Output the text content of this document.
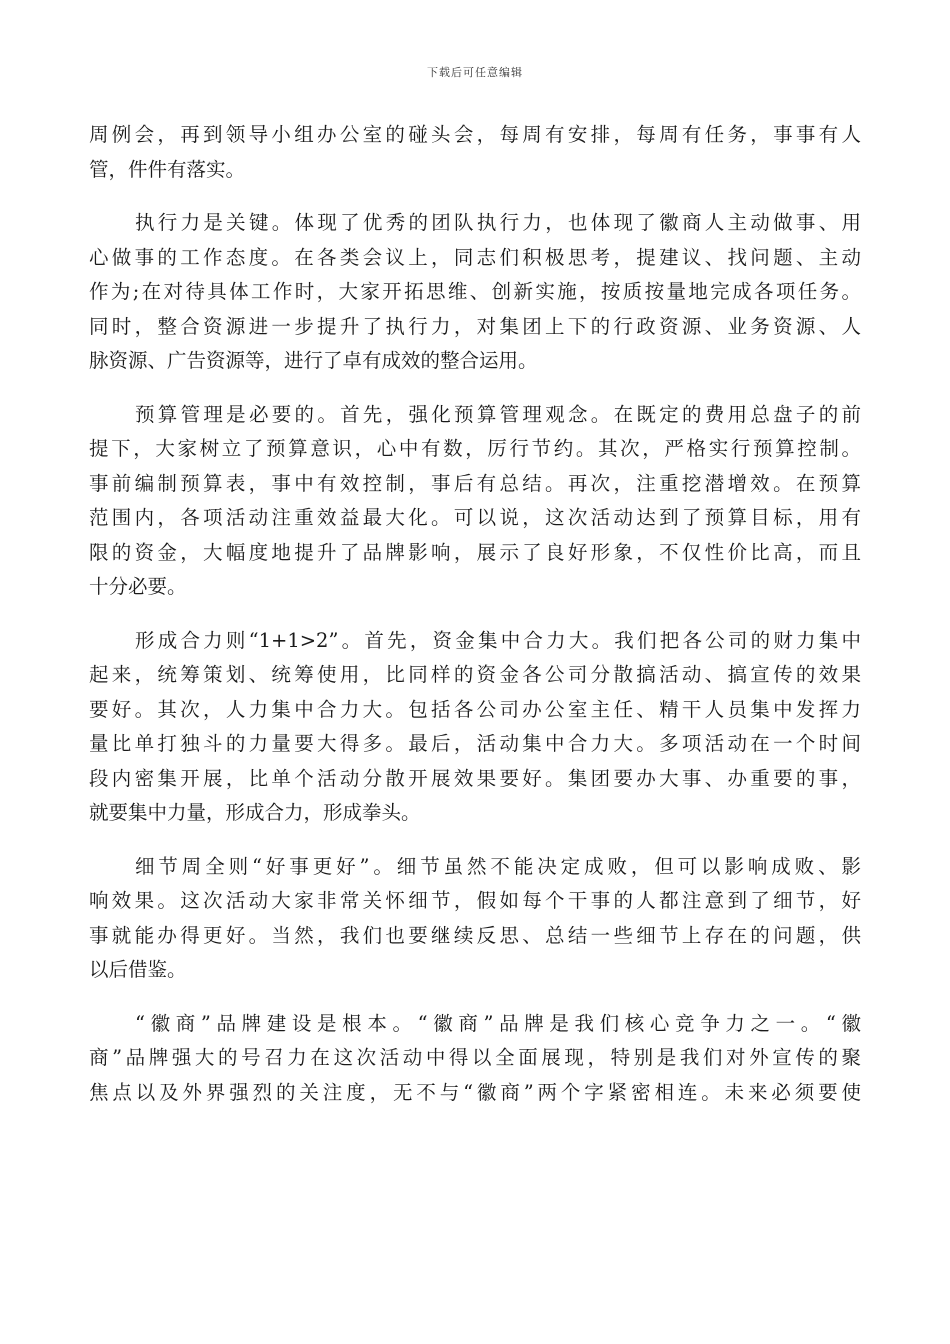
下载后可任意编辑
周例会，再到领导小组办公室的碰头会，每周有安排，每周有任务，事事有人
管，件件有落实。
执行力是关键。体现了优秀的团队执行力，也体现了徽商人主动做事、用
心做事的工作态度。在各类会议上，同志们积极思考，提建议、找问题、主动
作为;在对待具体工作时，大家开拓思维、创新实施，按质按量地完成各项任务。
同时，整合资源进一步提升了执行力，对集团上下的行政资源、业务资源、人
脉资源、广告资源等，进行了卓有成效的整合运用。
预算管理是必要的。首先，强化预算管理观念。在既定的费用总盘子的前
提下，大家树立了预算意识，心中有数，厉行节约。其次，严格实行预算控制。
事前编制预算表，事中有效控制，事后有总结。再次，注重挖潜增效。在预算
范围内，各项活动注重效益最大化。可以说，这次活动达到了预算目标，用有
限的资金，大幅度地提升了品牌影响，展示了良好形象，不仅性价比高，而且
十分必要。
形成合力则“1+1>2”。首先，资金集中合力大。我们把各公司的财力集中
起来，统筹策划、统筹使用，比同样的资金各公司分散搞活动、搞宣传的效果
要好。其次，人力集中合力大。包括各公司办公室主任、精干人员集中发挥力
量比单打独斗的力量要大得多。最后，活动集中合力大。多项活动在一个时间
段内密集开展，比单个活动分散开展效果要好。集团要办大事、办重要的事，
就要集中力量，形成合力，形成拳头。
细节周全则“好事更好”。细节虽然不能决定成败，但可以影响成败、影
响效果。这次活动大家非常关怀细节，假如每个干事的人都注意到了细节，好
事就能办得更好。当然，我们也要继续反思、总结一些细节上存在的问题，供
以后借鉴。
“徽商”品牌建设是根本。“徽商”品牌是我们核心竞争力之一。“徽
商”品牌强大的号召力在这次活动中得以全面展现，特别是我们对外宣传的聚
焦点以及外界强烈的关注度，无不与“徽商”两个字紧密相连。未来必须要使
